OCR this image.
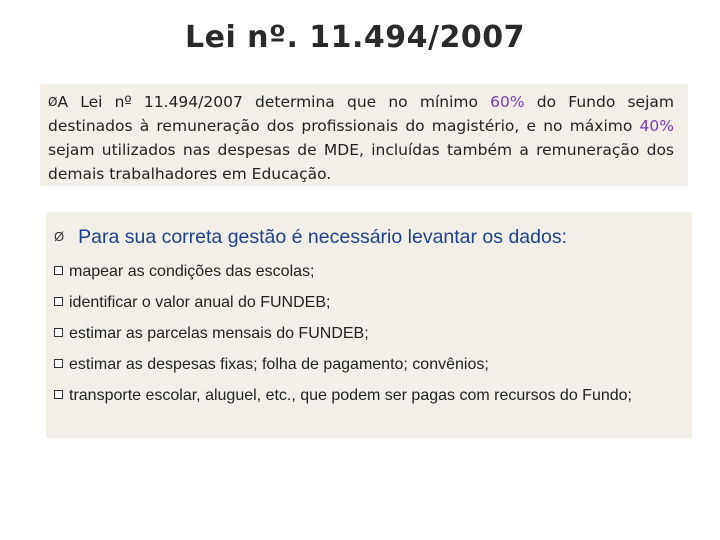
Lei nº. 11.494/2007
ØA Lei nº 11.494/2007 determina que no mínimo 60% do Fundo sejam destinados à remuneração dos profissionais do magistério, e no máximo 40% sejam utilizados nas despesas de MDE, incluídas também a remuneração dos demais trabalhadores em Educação.
Ø Para sua correta gestão é necessário levantar os dados:
mapear as condições das escolas;
identificar o valor anual do FUNDEB;
estimar as parcelas mensais do FUNDEB;
estimar as despesas fixas; folha de pagamento; convênios;
transporte escolar, aluguel, etc., que podem ser pagas com recursos do Fundo;
